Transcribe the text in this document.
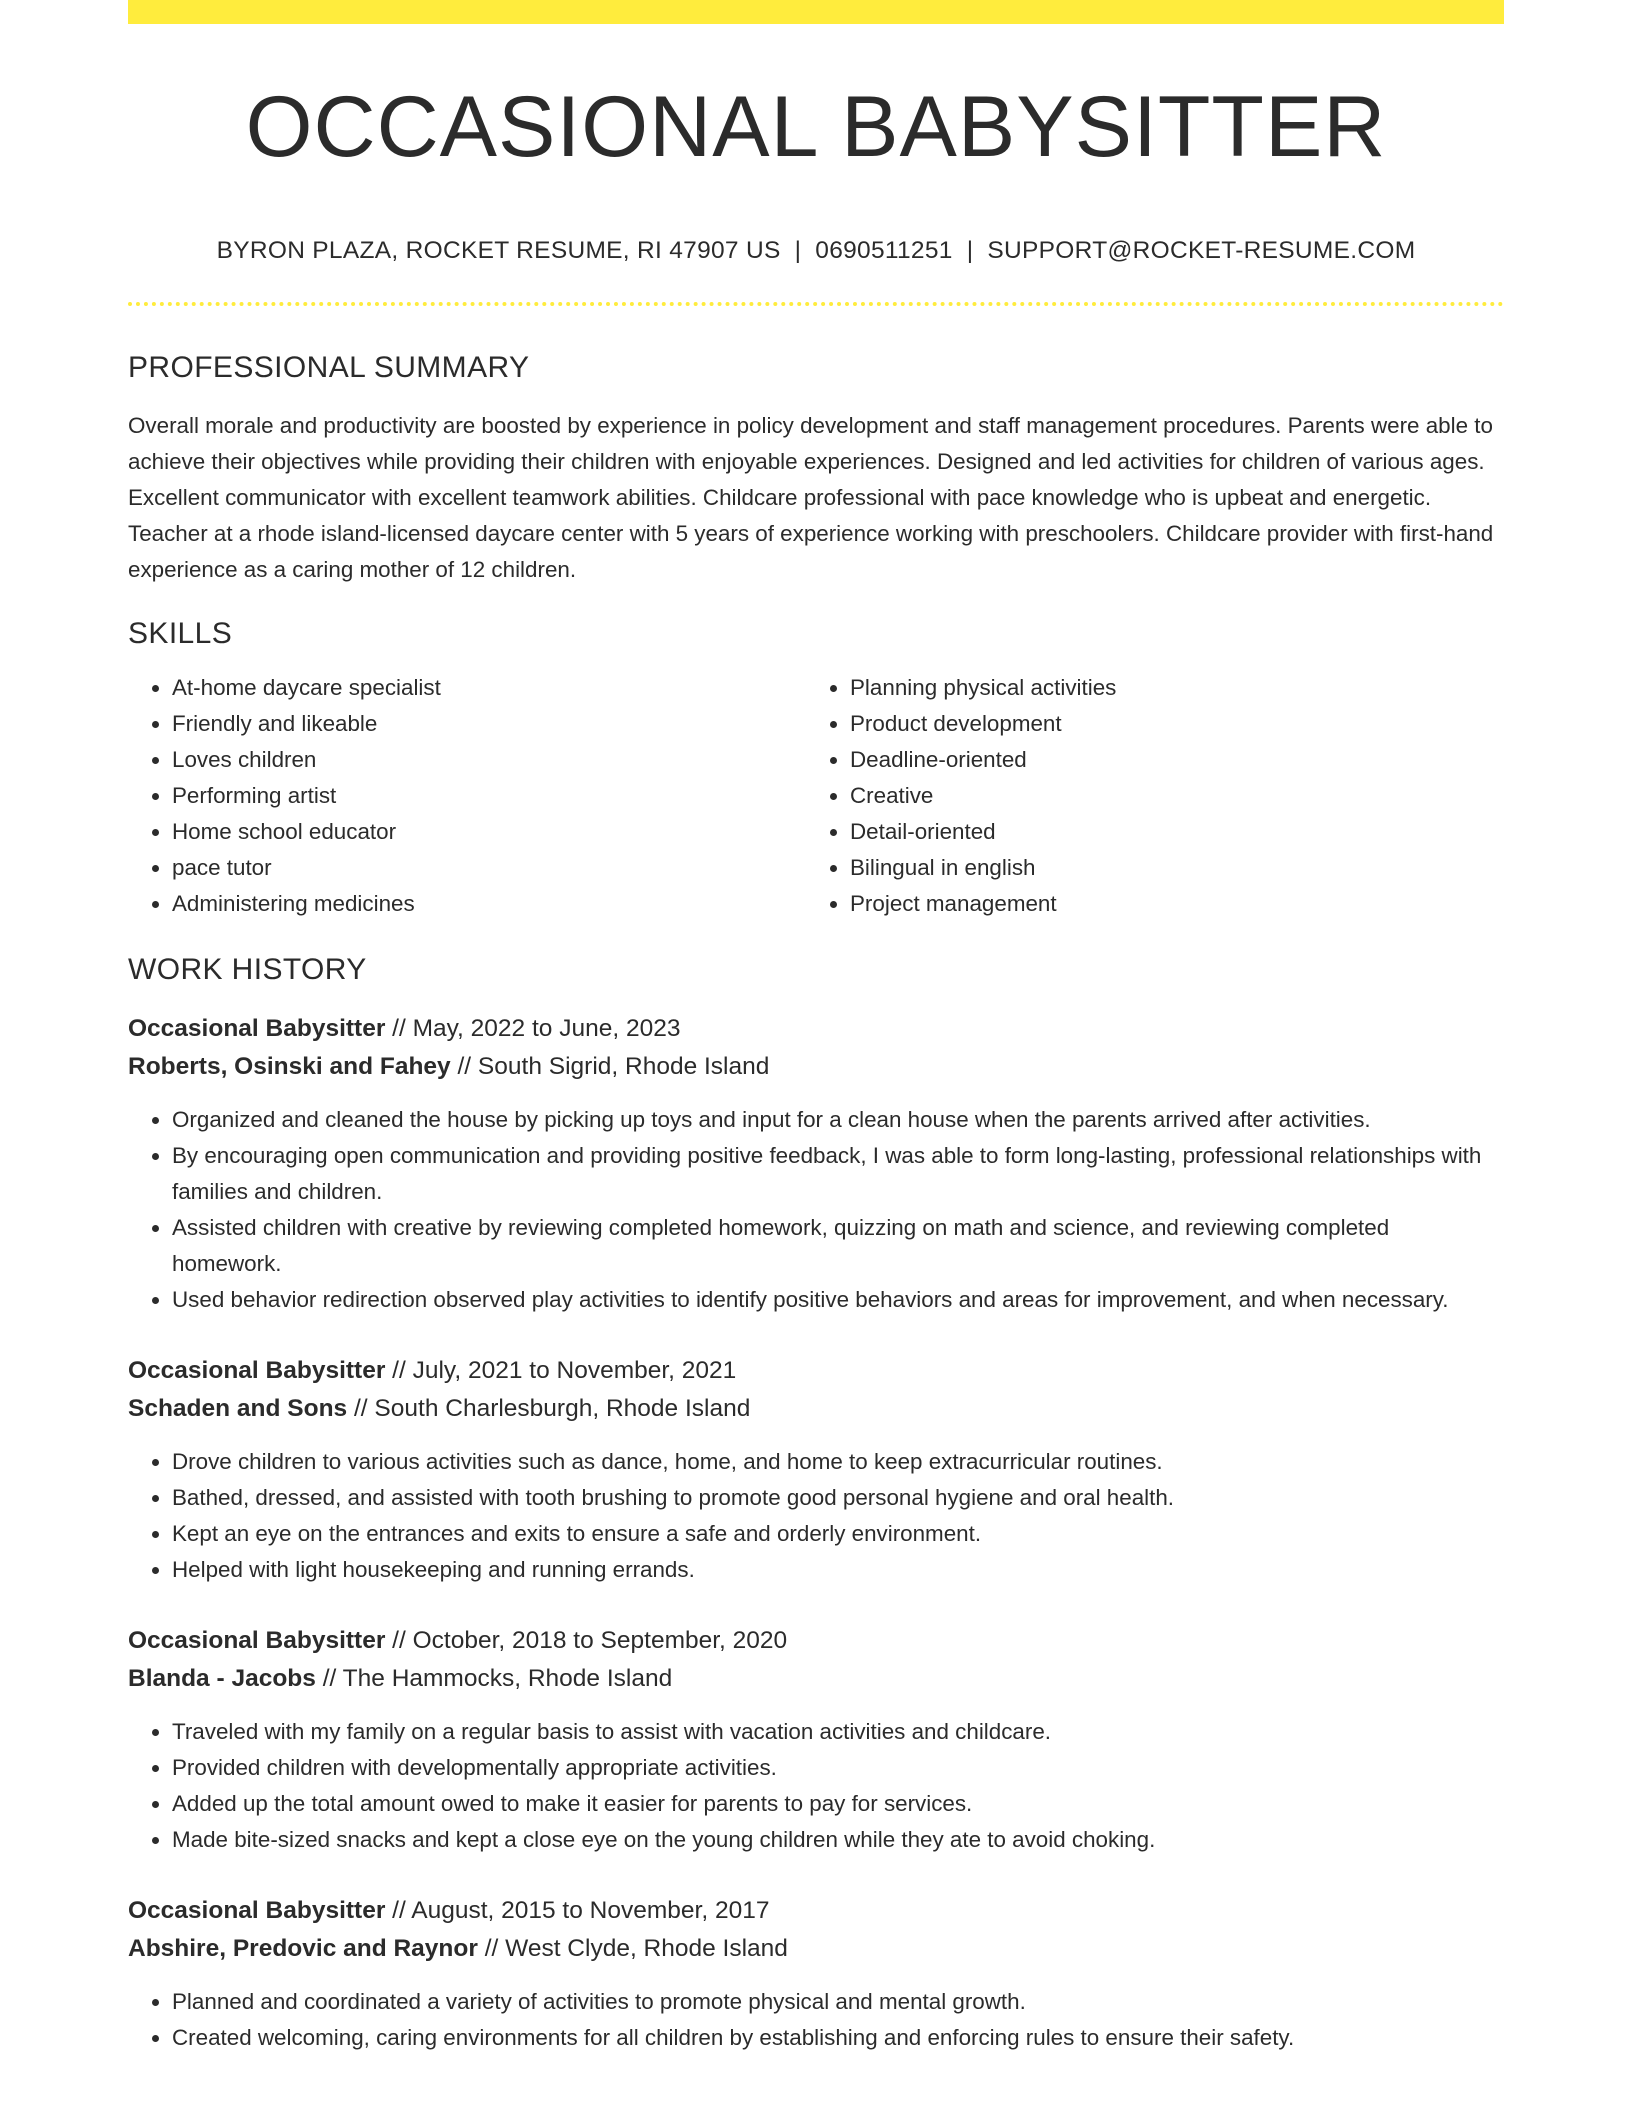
OCCASIONAL BABYSITTER
BYRON PLAZA, ROCKET RESUME, RI 47907 US | 0690511251 | SUPPORT@ROCKET-RESUME.COM
PROFESSIONAL SUMMARY
Overall morale and productivity are boosted by experience in policy development and staff management procedures. Parents were able to achieve their objectives while providing their children with enjoyable experiences. Designed and led activities for children of various ages. Excellent communicator with excellent teamwork abilities. Childcare professional with pace knowledge who is upbeat and energetic. Teacher at a rhode island-licensed daycare center with 5 years of experience working with preschoolers. Childcare provider with first-hand experience as a caring mother of 12 children.
SKILLS
• At-home daycare specialist
• Friendly and likeable
• Loves children
• Performing artist
• Home school educator
• pace tutor
• Administering medicines
• Planning physical activities
• Product development
• Deadline-oriented
• Creative
• Detail-oriented
• Bilingual in english
• Project management
WORK HISTORY
Occasional Babysitter // May, 2022 to June, 2023
Roberts, Osinski and Fahey // South Sigrid, Rhode Island
• Organized and cleaned the house by picking up toys and input for a clean house when the parents arrived after activities.
• By encouraging open communication and providing positive feedback, I was able to form long-lasting, professional relationships with families and children.
• Assisted children with creative by reviewing completed homework, quizzing on math and science, and reviewing completed homework.
• Used behavior redirection observed play activities to identify positive behaviors and areas for improvement, and when necessary.
Occasional Babysitter // July, 2021 to November, 2021
Schaden and Sons // South Charlesburgh, Rhode Island
• Drove children to various activities such as dance, home, and home to keep extracurricular routines.
• Bathed, dressed, and assisted with tooth brushing to promote good personal hygiene and oral health.
• Kept an eye on the entrances and exits to ensure a safe and orderly environment.
• Helped with light housekeeping and running errands.
Occasional Babysitter // October, 2018 to September, 2020
Blanda - Jacobs // The Hammocks, Rhode Island
• Traveled with my family on a regular basis to assist with vacation activities and childcare.
• Provided children with developmentally appropriate activities.
• Added up the total amount owed to make it easier for parents to pay for services.
• Made bite-sized snacks and kept a close eye on the young children while they ate to avoid choking.
Occasional Babysitter // August, 2015 to November, 2017
Abshire, Predovic and Raynor // West Clyde, Rhode Island
• Planned and coordinated a variety of activities to promote physical and mental growth.
• Created welcoming, caring environments for all children by establishing and enforcing rules to ensure their safety.
